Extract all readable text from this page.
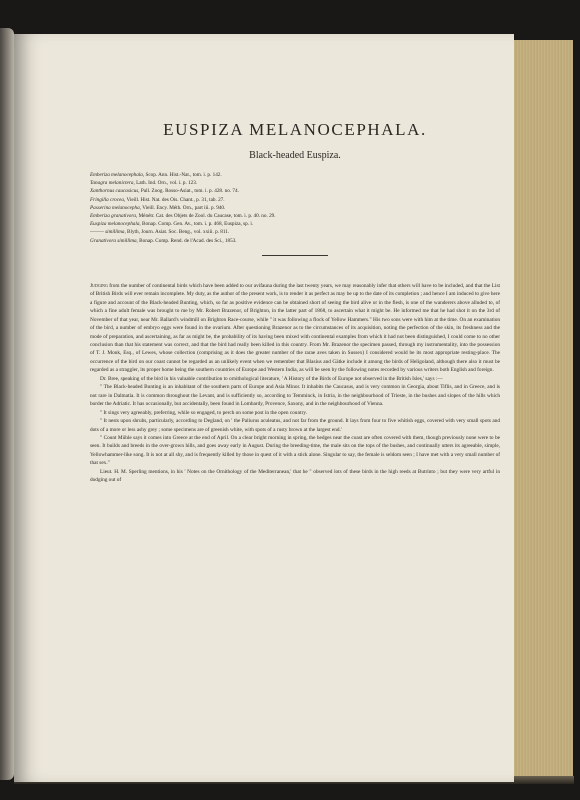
EUSPIZA MELANOCEPHALA.
Black-headed Euspiza.
Emberiza melanocephala, Scop. Ann. Hist.-Nat., tom. i. p. 142.
Tanagra melanictera, Lath. Ind. Orn., vol. i. p. 123.
Xanthornus caucasicus, Pall. Zoog. Rosso-Asiat., tom. i. p. 428. no. 74.
Fringilla crocea, Vieill. Hist. Nat. des Ois. Chant., p. 31, tab. 27.
Passerina melanocepha, Vieill. Ency. Méth. Orn., part iii. p. 940.
Emberiza granativora, Ménétr. Cat. des Objets de Zool. du Caucase, tom. i. p. 40. no. 29.
Euspiza melanocephala, Bonap. Comp. Gen. Av., tom. i. p. 468, Euspiza, sp. i.
——— simillima, Blyth, Journ. Asiat. Soc. Beng., vol. xxiii. p. 811.
Granativora simillima, Bonap. Comp. Rend. de l'Acad. des Sci., 1853.

Judging from the number of continental birds which have been added to our avifauna during the last twenty years, we may reasonably infer that others will have to be included, and that the List of British Birds will ever remain incomplete. My duty, as the author of the present work, is to render it as perfect as may be up to the date of its completion ; and hence I am induced to give here a figure and account of the Black-headed Bunting, which, so far as positive evidence can be obtained short of seeing the bird alive or in the flesh, is one of the wanderers above alluded to, of which a fine adult female was brought to me by Mr. Robert Brazenor, of Brighton, in the latter part of 1868, to ascertain what it might be. He informed me that he had shot it on the 3rd of November of that year, near Mr. Ballard's windmill on Brighton Race-course, while " it was following a flock of Yellow Hammers." His two sons were with him at the time. On an examination of the bird, a number of embryo eggs were found in the ovarium. After questioning Brazenor as to the circumstances of its acquisition, noting the perfection of the skin, its freshness and the mode of preparation, and ascertaining, as far as might be, the probability of its having been mixed with continental examples from which it had not been distinguished, I could come to no other conclusion than that his statement was correct, and that the bird had really been killed in this country. From Mr. Brazenor the specimen passed, through my instrumentality, into the possession of T. J. Monk, Esq., of Lewes, whose collection (comprising as it does the greater number of the rarae aves taken in Sussex) I considered would be its most appropriate resting-place. The occurrence of the bird on our coast cannot be regarded as an unlikely event when we remember that Blasius and Gätke include it among the birds of Heligoland, although there also it must be regarded as a straggler, its proper home being the southern countries of Europe and Western India, as will be seen by the following notes recorded by various writers both English and foreign.

Dr. Bree, speaking of the bird in his valuable contribution to ornithological literature, ' A History of the Birds of Europe not observed in the British Isles,' says :—

" The Black-headed Bunting is an inhabitant of the southern parts of Europe and Asia Minor. It inhabits the Caucasus, and is very common in Georgia, about Tiflis, and in Greece, and is not rare in Dalmatia. It is common throughout the Levant, and is sufficiently so, according to Temminck, in Istria, in the neighbourhood of Trieste, in the bushes and slopes of the hills which border the Adriatic. It has occasionally, but accidentally, been found in Lombardy, Provence, Saxony, and in the neighbourhood of Vienna.

" It sings very agreeably, preferring, while so engaged, to perch on some post in the open country.

" It nests upon shrubs, particularly, according to Degland, on ' the Paliurus aculeatus, and not far from the ground. It lays from four to five whitish eggs, covered with very small spots and dots of a more or less ashy grey ; some specimens are of greenish white, with spots of a rusty brown at the largest end.'

" Count Mühle says it comes into Greece at the end of April. On a clear bright morning in spring, the hedges near the coast are often covered with them, though previously none were to be seen. It builds and breeds in the over-grown hills, and goes away early in August. During the breeding-time, the male sits on the tops of the bushes, and continually utters its agreeable, simple, Yellowhammer-like song. It is not at all shy, and is frequently killed by those in quest of it with a stick alone. Singular to say, the female is seldom seen ; I have met with a very small number of that sex."

Lieut. H. M. Sperling mentions, in his ' Notes on the Ornithology of the Mediterranean,' that he " observed lots of these birds in the high reeds at Butrinto ; but they were very artful in dodging out of
